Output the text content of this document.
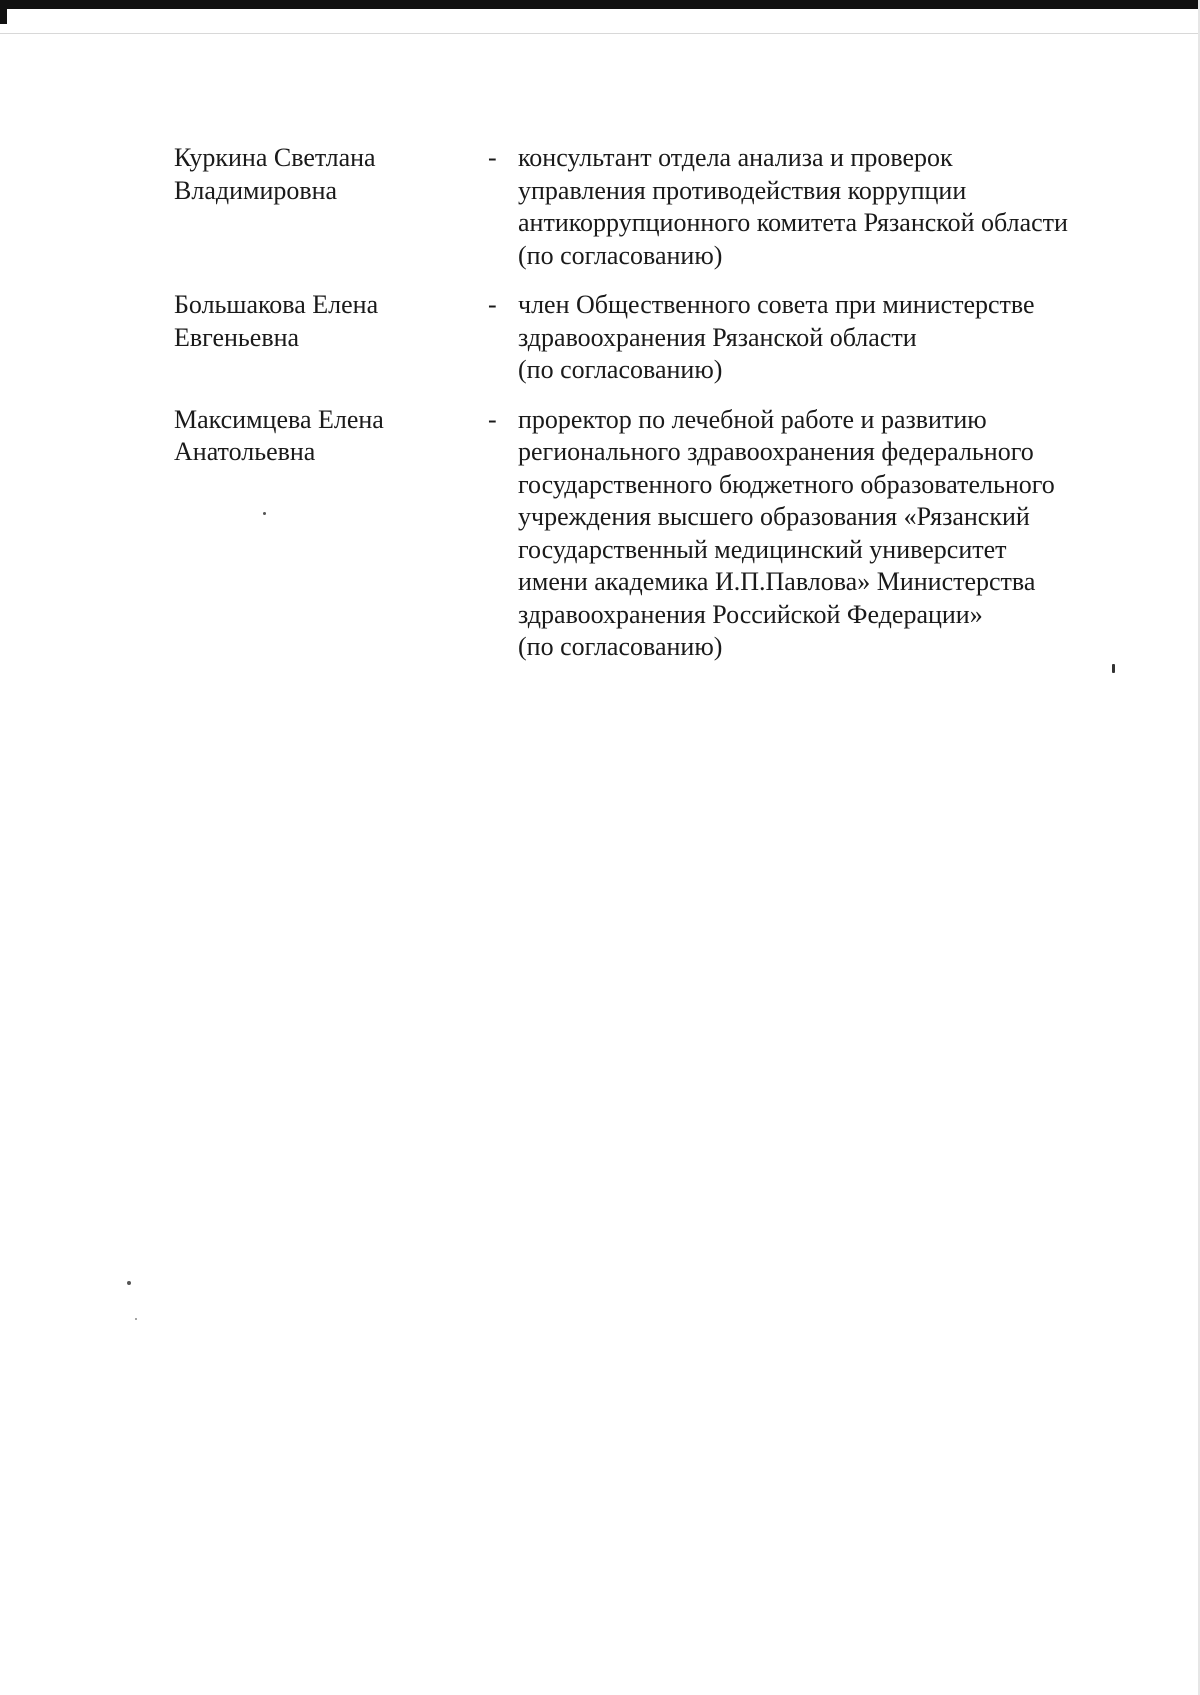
Куркина Светлана
Владимировна
- консультант отдела анализа и проверок
управления противодействия коррупции
антикоррупционного комитета Рязанской области
(по согласованию)
Большакова Елена
Евгеньевна
- член Общественного совета при министерстве
здравоохранения Рязанской области
(по согласованию)
Максимцева Елена
Анатольевна
- проректор по лечебной работе и развитию
регионального здравоохранения федерального
государственного бюджетного образовательного
учреждения высшего образования «Рязанский
государственный медицинский университет
имени академика И.П.Павлова» Министерства
здравоохранения Российской Федерации»
(по согласованию)
